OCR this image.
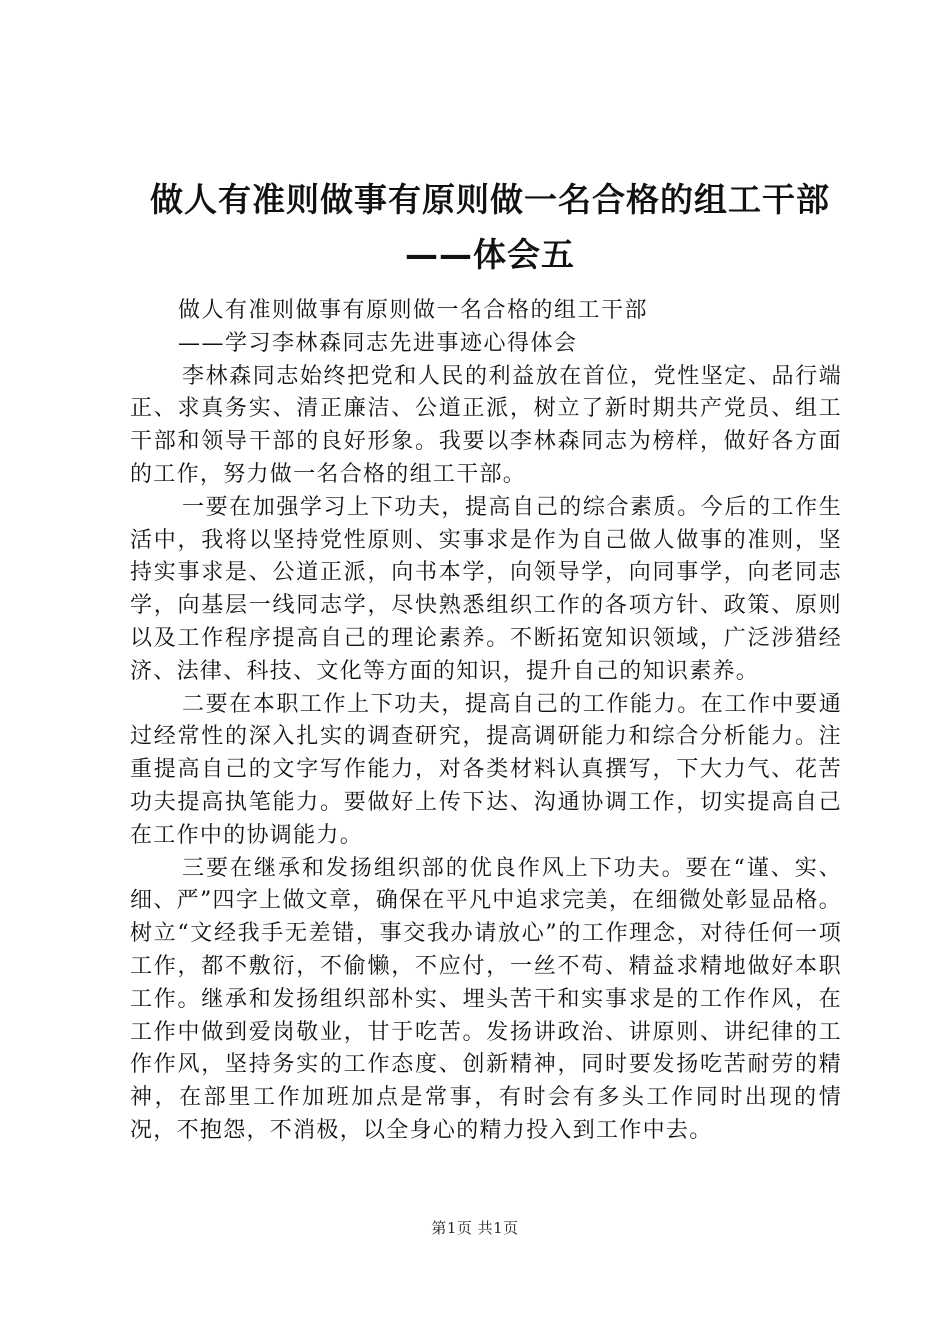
做人有准则做事有原则做一名合格的组工干部
——体会五
做人有准则做事有原则做一名合格的组工干部
——学习李林森同志先进事迹心得体会

李林森同志始终把党和人民的利益放在首位，党性坚定、品行端正、求真务实、清正廉洁、公道正派，树立了新时期共产党员、组工干部和领导干部的良好形象。我要以李林森同志为榜样，做好各方面的工作，努力做一名合格的组工干部。

一要在加强学习上下功夫，提高自己的综合素质。今后的工作生活中，我将以坚持党性原则、实事求是作为自己做人做事的准则，坚持实事求是、公道正派，向书本学，向领导学，向同事学，向老同志学，向基层一线同志学，尽快熟悉组织工作的各项方针、政策、原则以及工作程序提高自己的理论素养。不断拓宽知识领域，广泛涉猎经济、法律、科技、文化等方面的知识，提升自己的知识素养。

二要在本职工作上下功夫，提高自己的工作能力。在工作中要通过经常性的深入扎实的调查研究，提高调研能力和综合分析能力。注重提高自己的文字写作能力，对各类材料认真撰写，下大力气、花苦功夫提高执笔能力。要做好上传下达、沟通协调工作，切实提高自己在工作中的协调能力。

三要在继承和发扬组织部的优良作风上下功夫。要在“谨、实、细、严”四字上做文章，确保在平凡中追求完美，在细微处彰显品格。树立“文经我手无差错，事交我办请放心”的工作理念，对待任何一项工作，都不敷衍，不偷懒，不应付，一丝不苟、精益求精地做好本职工作。继承和发扬组织部朴实、埋头苦干和实事求是的工作作风，在工作中做到爱岗敬业，甘于吃苦。发扬讲政治、讲原则、讲纪律的工作作风，坚持务实的工作态度、创新精神，同时要发扬吃苦耐劳的精神，在部里工作加班加点是常事，有时会有多头工作同时出现的情况，不抱怨，不消极，以全身心的精力投入到工作中去。

第1页 共1页
